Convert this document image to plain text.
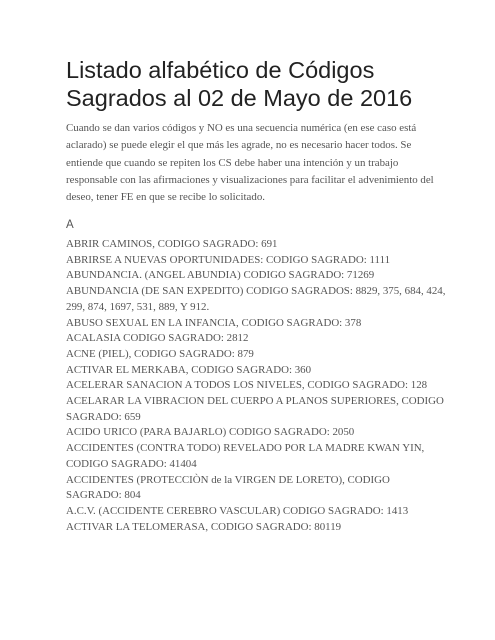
Listado alfabético de Códigos Sagrados al 02 de Mayo de 2016

Cuando se dan varios códigos y NO es una secuencia numérica (en ese caso está aclarado) se puede elegir el que más les agrade, no es necesario hacer todos. Se entiende que cuando se repiten los CS debe haber una intención y un trabajo responsable con las afirmaciones y visualizaciones para facilitar el advenimiento del deseo, tener FE en que se recibe lo solicitado.

A

ABRIR CAMINOS, CODIGO SAGRADO: 691
ABRIRSE A NUEVAS OPORTUNIDADES: CODIGO SAGRADO: 1111
ABUNDANCIA. (ANGEL ABUNDIA) CODIGO SAGRADO: 71269
ABUNDANCIA (DE SAN EXPEDITO) CODIGO SAGRADOS: 8829, 375, 684, 424, 299, 874, 1697, 531, 889, Y 912.
ABUSO SEXUAL EN LA INFANCIA, CODIGO SAGRADO: 378
ACALASIA CODIGO SAGRADO: 2812
ACNE (PIEL), CODIGO SAGRADO: 879
ACTIVAR EL MERKABA, CODIGO SAGRADO: 360
ACELERAR SANACION A TODOS LOS NIVELES, CODIGO SAGRADO: 128
ACELARAR LA VIBRACION DEL CUERPO A PLANOS SUPERIORES, CODIGO SAGRADO: 659
ACIDO URICO (PARA BAJARLO) CODIGO SAGRADO: 2050
ACCIDENTES (CONTRA TODO) REVELADO POR LA MADRE KWAN YIN, CODIGO SAGRADO: 41404
ACCIDENTES (PROTECCIÒN de la VIRGEN DE LORETO), CODIGO SAGRADO: 804
A.C.V. (ACCIDENTE CEREBRO VASCULAR) CODIGO SAGRADO: 1413
ACTIVAR LA TELOMERASA, CODIGO SAGRADO: 80119
